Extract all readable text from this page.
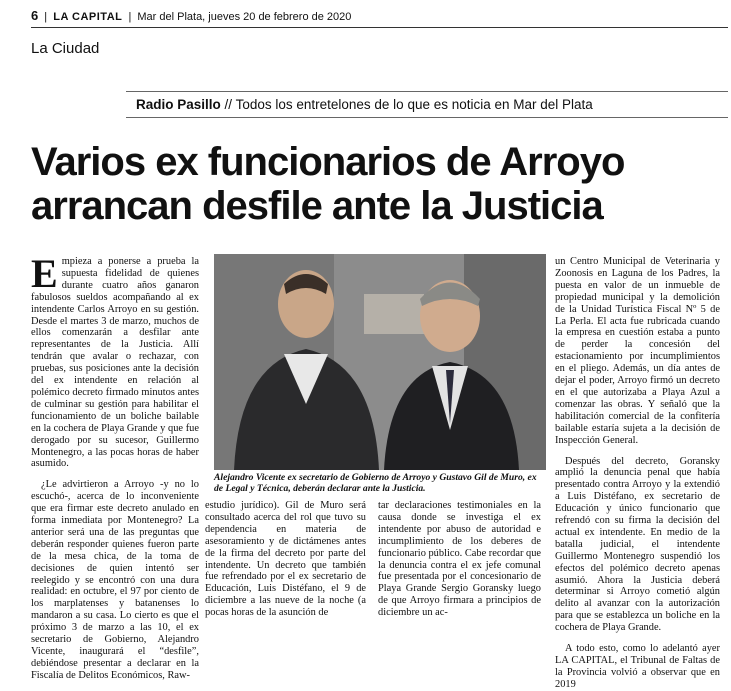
6 | LA CAPITAL | Mar del Plata, jueves 20 de febrero de 2020
La Ciudad
Radio Pasillo // Todos los entretelones de lo que es noticia en Mar del Plata
Varios ex funcionarios de Arroyo
arrancan desfile ante la Justicia

Empieza a ponerse a prueba la supuesta fidelidad de quienes durante cuatro años ganaron fabulosos sueldos acompañando al ex intendente Carlos Arroyo en su gestión. Desde el martes 3 de marzo, muchos de ellos comenzarán a desfilar ante representantes de la Justicia. Allí tendrán que avalar o rechazar, con pruebas, sus posiciones ante la decisión del ex intendente en relación al polémico decreto firmado minutos antes de culminar su gestión para habilitar el funcionamiento de un boliche bailable en la cochera de Playa Grande y que fue derogado por su sucesor, Guillermo Montenegro, a las pocas horas de haber asumido.

¿Le advirtieron a Arroyo -y no lo escuchó-, acerca de lo inconveniente que era firmar este decreto anulado en forma inmediata por Montenegro? La anterior será una de las preguntas que deberán responder quienes fueron parte de la mesa chica, de la toma de decisiones de quien intentó ser reelegido y se encontró con una dura realidad: en octubre, el 97 por ciento de los marplatenses y batanenses lo mandaron a su casa. Lo cierto es que el próximo 3 de marzo a las 10, el ex secretario de Gobierno, Alejandro Vicente, inaugurará el “desfile”, debiéndose presentar a declarar en la Fiscalía de Delitos Económicos, Raw-

Alejandro Vicente ex secretario de Gobierno de Arroyo y Gustavo Gil de Muro, ex de Legal y Técnica, deberán declarar ante la Justicia.

estudio jurídico). Gil de Muro será consultado acerca del rol que tuvo su dependencia en materia de asesoramiento y de dictámenes antes de la firma del decreto por parte del intendente. Un decreto que también fue refrendado por el ex secretario de Educación, Luis Distéfano, el 9 de diciembre a las nueve de la noche (a pocas horas de la asunción de

tar declaraciones testimoniales en la causa donde se investiga el ex intendente por abuso de autoridad e incumplimiento de los deberes de funcionario público. Cabe recordar que la denuncia contra el ex jefe comunal fue presentada por el concesionario de Playa Grande Sergio Goransky luego de que Arroyo firmara a principios de diciembre un ac-

un Centro Municipal de Veterinaria y Zoonosis en Laguna de los Padres, la puesta en valor de un inmueble de propiedad municipal y la demolición de la Unidad Turística Fiscal Nº 5 de La Perla. El acta fue rubricada cuando la empresa en cuestión estaba a punto de perder la concesión del estacionamiento por incumplimientos en el pliego. Además, un día antes de dejar el poder, Arroyo firmó un decreto en el que autorizaba a Playa Azul a comenzar las obras. Y señaló que la habilitación comercial de la confitería bailable estaría sujeta a la decisión de Inspección General.

Después del decreto, Goransky amplió la denuncia penal que había presentado contra Arroyo y la extendió a Luis Distéfano, ex secretario de Educación y único funcionario que refrendó con su firma la decisión del actual ex intendente. En medio de la batalla judicial, el intendente Guillermo Montenegro suspendió los efectos del polémico decreto apenas asumió. Ahora la Justicia deberá determinar si Arroyo cometió algún delito al avanzar con la autorización para que se establezca un boliche en la cochera de Playa Grande.

A todo esto, como lo adelantó ayer LA CAPITAL, el Tribunal de Faltas de la Provincia volvió a observar que en 2019
